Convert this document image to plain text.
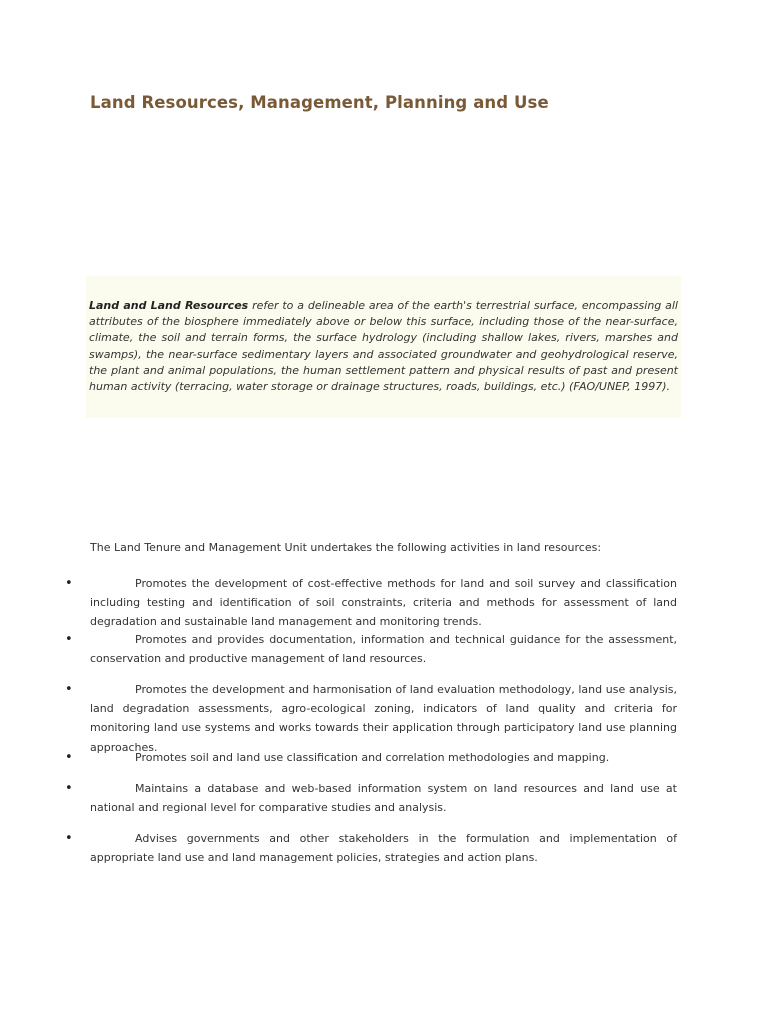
Land Resources, Management, Planning and Use

Land and Land Resources refer to a delineable area of the earth's terrestrial surface, encompassing all attributes of the biosphere immediately above or below this surface, including those of the near-surface, climate, the soil and terrain forms, the surface hydrology (including shallow lakes, rivers, marshes and swamps), the near-surface sedimentary layers and associated groundwater and geohydrological reserve, the plant and animal populations, the human settlement pattern and physical results of past and present human activity (terracing, water storage or drainage structures, roads, buildings, etc.) (FAO/UNEP, 1997).

The Land Tenure and Management Unit undertakes the following activities in land resources:

•	Promotes the development of cost-effective methods for land and soil survey and classification including testing and identification of soil constraints, criteria and methods for assessment of land degradation and sustainable land management and monitoring trends.
•	Promotes and provides documentation, information and technical guidance for the assessment, conservation and productive management of land resources.
•	Promotes the development and harmonisation of land evaluation methodology, land use analysis, land degradation assessments, agro-ecological zoning, indicators of land quality and criteria for monitoring land use systems and works towards their application through participatory land use planning approaches.
•	Promotes soil and land use classification and correlation methodologies and mapping.
•	Maintains a database and web-based information system on land resources and land use at national and regional level for comparative studies and analysis.
•	Advises governments and other stakeholders in the formulation and implementation of appropriate land use and land management policies, strategies and action plans.
